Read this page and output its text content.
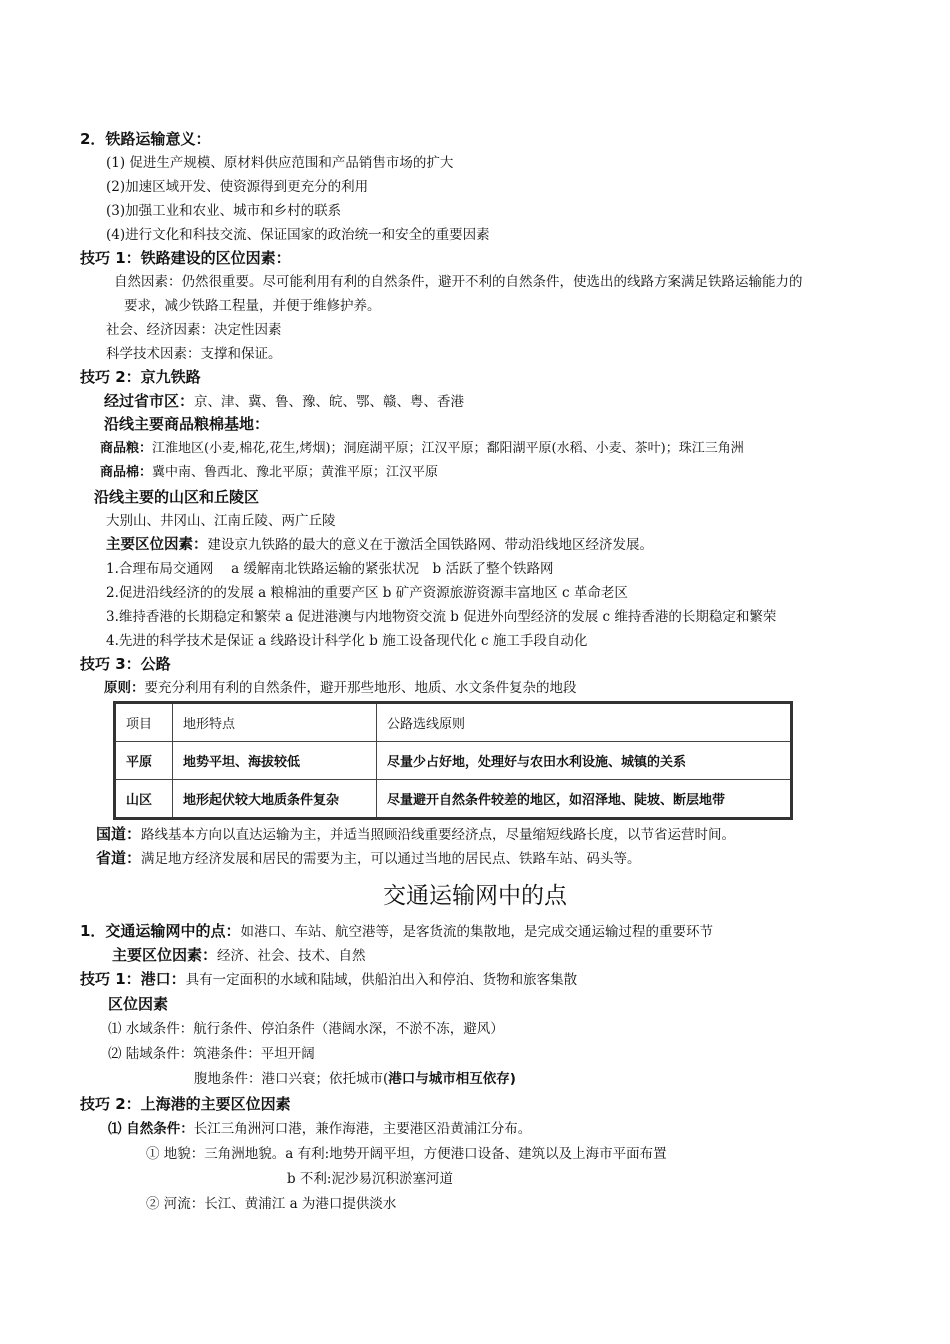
2．铁路运输意义：
(1) 促进生产规模、原材料供应范围和产品销售市场的扩大
(2)加速区域开发、使资源得到更充分的利用
(3)加强工业和农业、城市和乡村的联系
(4)进行文化和科技交流、保证国家的政治统一和安全的重要因素
技巧 1：铁路建设的区位因素：
自然因素：仍然很重要。尽可能利用有利的自然条件，避开不利的自然条件，使选出的线路方案满足铁路运输能力的
要求，减少铁路工程量，并便于维修护养。
社会、经济因素：决定性因素
科学技术因素：支撑和保证。
技巧 2：京九铁路
经过省市区：京、津、冀、鲁、豫、皖、鄂、赣、粤、香港
沿线主要商品粮棉基地：
商品粮：江淮地区(小麦,棉花,花生,烤烟)；洞庭湖平原；江汉平原；鄱阳湖平原(水稻、小麦、茶叶)；珠江三角洲
商品棉：冀中南、鲁西北、豫北平原；黄淮平原；江汉平原
沿线主要的山区和丘陵区
大别山、井冈山、江南丘陵、两广丘陵
主要区位因素：建设京九铁路的最大的意义在于激活全国铁路网、带动沿线地区经济发展。
1.合理布局交通网　 a 缓解南北铁路运输的紧张状况　b 活跃了整个铁路网
2.促进沿线经济的的发展 a 粮棉油的重要产区 b 矿产资源旅游资源丰富地区 c 革命老区
3.维持香港的长期稳定和繁荣 a 促进港澳与内地物资交流 b 促进外向型经济的发展 c 维持香港的长期稳定和繁荣
4.先进的科学技术是保证 a 线路设计科学化 b 施工设备现代化 c 施工手段自动化
技巧 3：公路
原则：要充分利用有利的自然条件，避开那些地形、地质、水文条件复杂的地段
项目	地形特点	公路选线原则
平原	地势平坦、海拔较低	尽量少占好地，处理好与农田水利设施、城镇的关系
山区	地形起伏较大地质条件复杂	尽量避开自然条件较差的地区，如沼泽地、陡坡、断层地带
国道：路线基本方向以直达运输为主，并适当照顾沿线重要经济点，尽量缩短线路长度，以节省运营时间。
省道：满足地方经济发展和居民的需要为主，可以通过当地的居民点、铁路车站、码头等。
交通运输网中的点
1．交通运输网中的点：如港口、车站、航空港等，是客货流的集散地，是完成交通运输过程的重要环节
主要区位因素：经济、社会、技术、自然
技巧 1：港口：具有一定面积的水域和陆域，供船泊出入和停泊、货物和旅客集散
区位因素
⑴ 水域条件：航行条件、停泊条件（港阔水深，不淤不冻，避风）
⑵ 陆域条件：筑港条件：平坦开阔
腹地条件：港口兴衰；依托城市(港口与城市相互依存)
技巧 2：上海港的主要区位因素
⑴ 自然条件：长江三角洲河口港，兼作海港，主要港区沿黄浦江分布。
① 地貌：三角洲地貌。a 有利:地势开阔平坦，方便港口设备、建筑以及上海市平面布置
b 不利:泥沙易沉积淤塞河道
② 河流：长江、黄浦江 a 为港口提供淡水
